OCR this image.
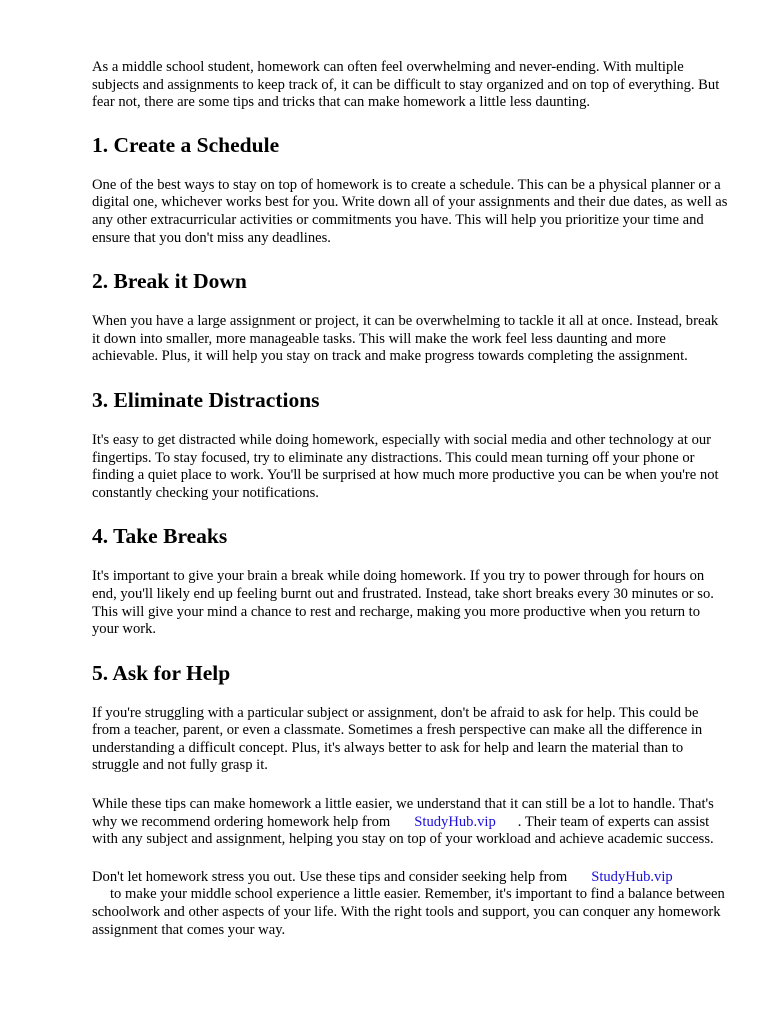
As a middle school student, homework can often feel overwhelming and never-ending. With multiple subjects and assignments to keep track of, it can be difficult to stay organized and on top of everything. But fear not, there are some tips and tricks that can make homework a little less daunting.

1. Create a Schedule

One of the best ways to stay on top of homework is to create a schedule. This can be a physical planner or a digital one, whichever works best for you. Write down all of your assignments and their due dates, as well as any other extracurricular activities or commitments you have. This will help you prioritize your time and ensure that you don't miss any deadlines.

2. Break it Down

When you have a large assignment or project, it can be overwhelming to tackle it all at once. Instead, break it down into smaller, more manageable tasks. This will make the work feel less daunting and more achievable. Plus, it will help you stay on track and make progress towards completing the assignment.

3. Eliminate Distractions

It's easy to get distracted while doing homework, especially with social media and other technology at our fingertips. To stay focused, try to eliminate any distractions. This could mean turning off your phone or finding a quiet place to work. You'll be surprised at how much more productive you can be when you're not constantly checking your notifications.

4. Take Breaks

It's important to give your brain a break while doing homework. If you try to power through for hours on end, you'll likely end up feeling burnt out and frustrated. Instead, take short breaks every 30 minutes or so. This will give your mind a chance to rest and recharge, making you more productive when you return to your work.

5. Ask for Help

If you're struggling with a particular subject or assignment, don't be afraid to ask for help. This could be from a teacher, parent, or even a classmate. Sometimes a fresh perspective can make all the difference in understanding a difficult concept. Plus, it's always better to ask for help and learn the material than to struggle and not fully grasp it.

While these tips can make homework a little easier, we understand that it can still be a lot to handle. That's why we recommend ordering homework help from StudyHub.vip . Their team of experts can assist with any subject and assignment, helping you stay on top of your workload and achieve academic success.

Don't let homework stress you out. Use these tips and consider seeking help from StudyHub.vip
to make your middle school experience a little easier. Remember, it's important to find a balance between schoolwork and other aspects of your life. With the right tools and support, you can conquer any homework assignment that comes your way.
